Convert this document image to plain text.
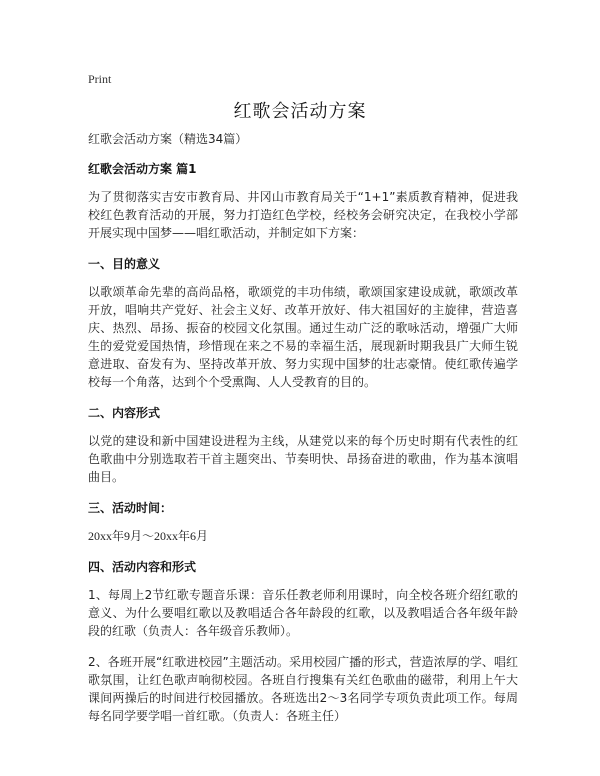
Print
红歌会活动方案

红歌会活动方案（精选34篇）

红歌会活动方案 篇1

为了贯彻落实吉安市教育局、井冈山市教育局关于“1+1”素质教育精神，促进我校红色教育活动的开展，努力打造红色学校，经校务会研究决定，在我校小学部开展实现中国梦——唱红歌活动，并制定如下方案：

一、目的意义

以歌颂革命先辈的高尚品格，歌颂党的丰功伟绩，歌颂国家建设成就，歌颂改革开放，唱响共产党好、社会主义好、改革开放好、伟大祖国好的主旋律，营造喜庆、热烈、昂扬、振奋的校园文化氛围。通过生动广泛的歌咏活动，增强广大师生的爱党爱国热情，珍惜现在来之不易的幸福生活，展现新时期我县广大师生锐意进取、奋发有为、坚持改革开放、努力实现中国梦的壮志豪情。使红歌传遍学校每一个角落，达到个个受熏陶、人人受教育的目的。

二、内容形式

以党的建设和新中国建设进程为主线，从建党以来的每个历史时期有代表性的红色歌曲中分别选取若干首主题突出、节奏明快、昂扬奋进的歌曲，作为基本演唱曲目。

三、活动时间：

20xx年9月～20xx年6月

四、活动内容和形式

1、每周上2节红歌专题音乐课：音乐任教老师利用课时，向全校各班介绍红歌的意义、为什么要唱红歌以及教唱适合各年龄段的红歌，以及教唱适合各年级年龄段的红歌（负责人：各年级音乐教师）。

2、各班开展“红歌进校园”主题活动。采用校园广播的形式，营造浓厚的学、唱红歌氛围，让红色歌声响彻校园。各班自行搜集有关红色歌曲的磁带，利用上午大课间两操后的时间进行校园播放。各班选出2～3名同学专项负责此项工作。每周每名同学要学唱一首红歌。（负责人：各班主任）
